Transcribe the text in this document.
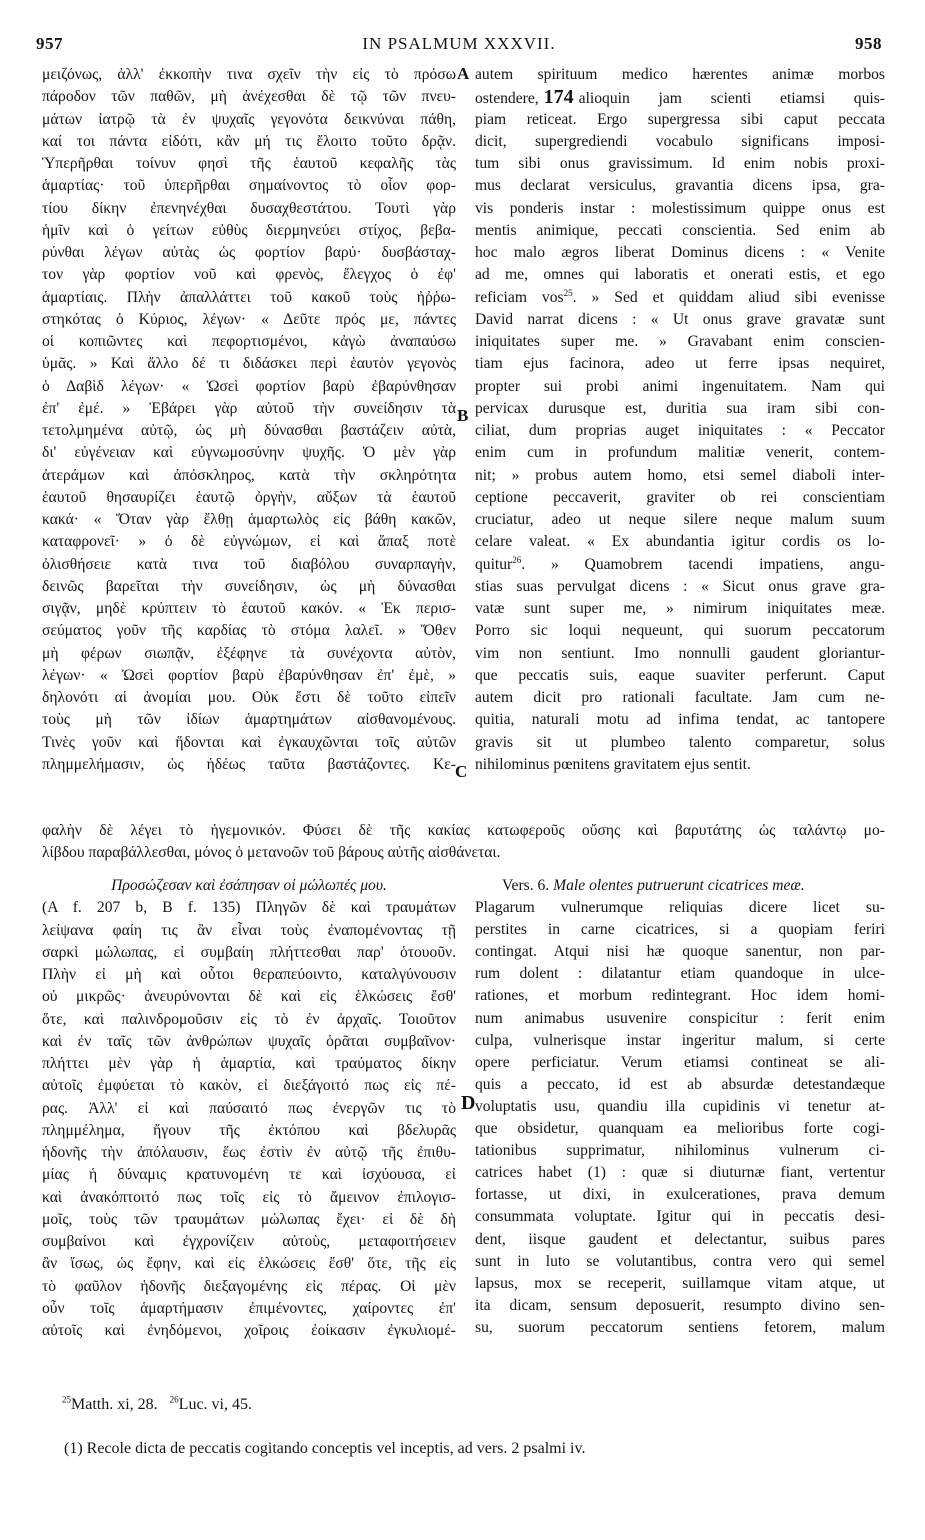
957	IN PSALMUM XXXVII.	958
μειζόνως, ἀλλ' ἐκκοπὴν τινα σχεῖν τὴν εἰς τὸ πρόσω
πάροδον τῶν παθῶν, μὴ ἀνέχεσθαι δὲ τῷ τῶν πνευ-
μάτων ἰατρῷ τὰ ἐν ψυχαῖς γεγονότα δεικνύναι πάθη,
καί τοι πάντα εἰδότι, κἂν μή τις ἔλοιτο τοῦτο δρᾷν.
Ὑπερῆρθαι τοίνυν φησὶ τῆς ἑαυτοῦ κεφαλῆς τὰς
ἁμαρτίας· τοῦ ὑπερῆρθαι σημαίνοντος τὸ οἷον φορ-
τίου δίκην ἐπενηνέχθαι δυσαχθεστάτου. Τουτὶ γὰρ
ἡμῖν καὶ ὁ γείτων εὐθὺς διερμηνεύει στίχος, βεβα-
ρύνθαι λέγων αὐτὰς ὡς φορτίον βαρύ· δυσβάσταχ-
τον γὰρ φορτίον νοῦ καὶ φρενὸς, ἔλεγχος ὁ ἐφ'
ἁμαρτίαις. Πλὴν ἀπαλλάττει τοῦ κακοῦ τοὺς ἠῤῥω-
στηκότας ὁ Κύριος, λέγων· « Δεῦτε πρός με, πάντες
οἱ κοπιῶντες καὶ πεφορτισμένοι, κἀγὼ ἀναπαύσω
ὑμᾶς. » Καὶ ἄλλο δέ τι διδάσκει περὶ ἑαυτὸν γεγονὸς
ὁ Δαβὶδ λέγων· « Ὡσεὶ φορτίον βαρὺ ἐβαρύνθησαν
ἐπ' ἐμέ. » Ἐβάρει γὰρ αὐτοῦ τὴν συνείδησιν τὰ
τετολμημένα αὐτῷ, ὡς μὴ δύνασθαι βαστάζειν αὐτὰ,
δι' εὐγένειαν καὶ εὐγνωμοσύνην ψυχῆς. Ὁ μὲν γὰρ
ἀτεράμων καὶ ἀπόσκληρος, κατὰ τὴν σκληρότητα
ἑαυτοῦ θησαυρίζει ἑαυτῷ ὀργὴν, αὔξων τὰ ἑαυτοῦ
κακά· « Ὅταν γὰρ ἔλθῃ ἁμαρτωλὸς εἰς βάθη κακῶν,
καταφρονεῖ· » ὁ δὲ εὐγνώμων, εἰ καὶ ἅπαξ ποτὲ
ὀλισθήσειε κατὰ τινα τοῦ διαβόλου συναρπαγὴν,
δεινῶς βαρεῖται τὴν συνείδησιν, ὡς μὴ δύνασθαι
σιγᾷν, μηδὲ κρύπτειν τὸ ἑαυτοῦ κακόν. « Ἐκ περισ-
σεύματος γοῦν τῆς καρδίας τὸ στόμα λαλεῖ. » Ὅθεν
μὴ φέρων σιωπᾷν, ἐξέφηνε τὰ συνέχοντα αὐτὸν,
λέγων· « Ὡσεὶ φορτίον βαρὺ ἐβαρύνθησαν ἐπ' ἐμὲ, »
δηλονότι αἱ ἀνομίαι μου. Οὐκ ἔστι δὲ τοῦτο εἰπεῖν
τοὺς μὴ τῶν ἰδίων ἁμαρτημάτων αἰσθανομένους.
Τινὲς γοῦν καὶ ἥδονται καὶ ἐγκαυχῶνται τοῖς αὐτῶν
πλημμελήμασιν, ὡς ἡδέως ταῦτα βαστάζοντες. Κε-
autem spirituum medico hærentes animæ morbos
ostendere, 174 alioquin jam scienti etiamsi quis-
piam reticeat. Ergo supergressa sibi caput peccata
dicit, supergrediendi vocabulo significans imposi-
tum sibi onus gravissimum. Id enim nobis proxi-
mus declarat versiculus, gravantia dicens ipsa, gra-
vis ponderis instar : molestissimum quippe onus est
mentis animique, peccati conscientia. Sed enim ab
hoc malo ægros liberat Dominus dicens : « Venite
ad me, omnes qui laboratis et onerati estis, et ego
reficiam vos$^{25}$. » Sed et quiddam aliud sibi evenisse
David narrat dicens : « Ut onus grave gravatæ sunt
iniquitates super me. » Gravabant enim conscien-
tiam ejus facinora, adeo ut ferre ipsas nequiret,
propter sui probi animi ingenuitatem. Nam qui
pervicax durusque est, duritia sua iram sibi con-
ciliat, dum proprias auget iniquitates : « Peccator
enim cum in profundum malitiæ venerit, contem-
nit; » probus autem homo, etsi semel diaboli inter-
ceptione peccaverit, graviter ob rei conscientiam
cruciatur, adeo ut neque silere neque malum suum
celare valeat. « Ex abundantia igitur cordis os lo-
quitur$^{26}$. » Quamobrem tacendi impatiens, angu-
stias suas pervulgat dicens : « Sicut onus grave gra-
vatæ sunt super me, » nimirum iniquitates meæ.
Porro sic loqui nequeunt, qui suorum peccatorum
vim non sentiunt. Imo nonnulli gaudent gloriantur-
que peccatis suis, eaque suaviter perferunt. Caput
autem dicit pro rationali facultate. Jam cum ne-
quitia, naturali motu ad infima tendat, ac tantopere
gravis sit ut plumbeo talento comparetur, solus
nihilominus pœnitens gravitatem ejus sentit.
A
B
C
D
φαλὴν δὲ λέγει τὸ ἡγεμονικόν. Φύσει δὲ τῆς κακίας κατωφεροῦς οὔσης καὶ βαρυτάτης ὡς ταλάντῳ μο-
λίβδου παραβάλλεσθαι, μόνος ὁ μετανοῶν τοῦ βάρους αὐτῆς αἰσθάνεται.
Προσώζεσαν καὶ ἐσάπησαν οἱ μώλωπές μου.
(A f. 207 b, B f. 135) Πληγῶν δὲ καὶ τραυμάτων
λείψανα φαίη τις ἂν εἶναι τοὺς ἐναπομένοντας τῇ
σαρκὶ μώλωπας, εἰ συμβαίη πλήττεσθαι παρ' ὁτουοῦν.
Πλὴν εἰ μὴ καὶ οὗτοι θεραπεύοιντο, καταλγύνουσιν
οὐ μικρῶς· ἀνευρύνονται δὲ καὶ εἰς ἑλκώσεις ἔσθ'
ὅτε, καὶ παλινδρομοῦσιν εἰς τὸ ἐν ἀρχαῖς. Τοιοῦτον
καὶ ἐν ταῖς τῶν ἀνθρώπων ψυχαῖς ὁρᾶται συμβαῖνον·
πλήττει μὲν γὰρ ἡ ἁμαρτία, καὶ τραύματος δίκην
αὐτοῖς ἐμφύεται τὸ κακὸν, εἰ διεξάγοιτό πως εἰς πέ-
ρας. Ἀλλ' εἰ καὶ παύσαιτό πως ἐνεργῶν τις τὸ
πλημμέλημα, ἤγουν τῆς ἐκτόπου καὶ βδελυρᾶς
ἡδονῆς τὴν ἀπόλαυσιν, ἕως ἐστὶν ἐν αὐτῷ τῆς ἐπιθυ-
μίας ἡ δύναμις κρατυνομένη τε καὶ ἰσχύουσα, εἰ
καὶ ἀνακόπτοιτό πως τοῖς εἰς τὸ ἄμεινον ἐπιλογισ-
μοῖς, τοὺς τῶν τραυμάτων μώλωπας ἔχει· εἰ δὲ δὴ
συμβαίνοι καὶ ἐγχρονίζειν αὐτοὺς, μεταφοιτήσειεν
ἂν ἴσως, ὡς ἔφην, καὶ εἰς ἑλκώσεις ἔσθ' ὅτε, τῆς εἰς
τὸ φαῦλον ἡδονῆς διεξαγομένης εἰς πέρας. Οἱ μὲν
οὖν τοῖς ἁμαρτήμασιν ἐπιμένοντες, χαίροντες ἐπ'
αὐτοῖς καὶ ἐνηδόμενοι, χοῖροις ἐοίκασιν ἐγκυλιομέ-
Vers. 6. Male olentes putruerunt cicatrices meæ.
Plagarum vulnerumque reliquias dicere licet su-
perstites in carne cicatrices, si a quopiam feriri
contingat. Atqui nisi hæ quoque sanentur, non par-
rum dolent : dilatantur etiam quandoque in ulce-
rationes, et morbum redintegrant. Hoc idem homi-
num animabus usuvenire conspicitur : ferit enim
culpa, vulnerisque instar ingeritur malum, si certe
opere perficiatur. Verum etiamsi contineat se ali-
quis a peccato, id est ab absurdæ detestandæque
voluptatis usu, quandiu illa cupidinis vi tenetur at-
que obsidetur, quanquam ea melioribus forte cogi-
tationibus supprimatur, nihilominus vulnerum ci-
catrices habet (1) : quæ si diuturnæ fiant, vertentur
fortasse, ut dixi, in exulcerationes, prava demum
consummata voluptate. Igitur qui in peccatis desi-
dent, iisque gaudent et delectantur, suibus pares
sunt in luto se volutantibus, contra vero qui semel
lapsus, mox se receperit, suillamque vitam atque, ut
ita dicam, sensum deposuerit, resumpto divino sen-
su, suorum peccatorum sentiens fetorem, malum
$^{25}$Matth. xi, 28. $^{26}$Luc. vi, 45.
(1) Recole dicta de peccatis cogitando conceptis vel inceptis, ad vers. 2 psalmi iv.
